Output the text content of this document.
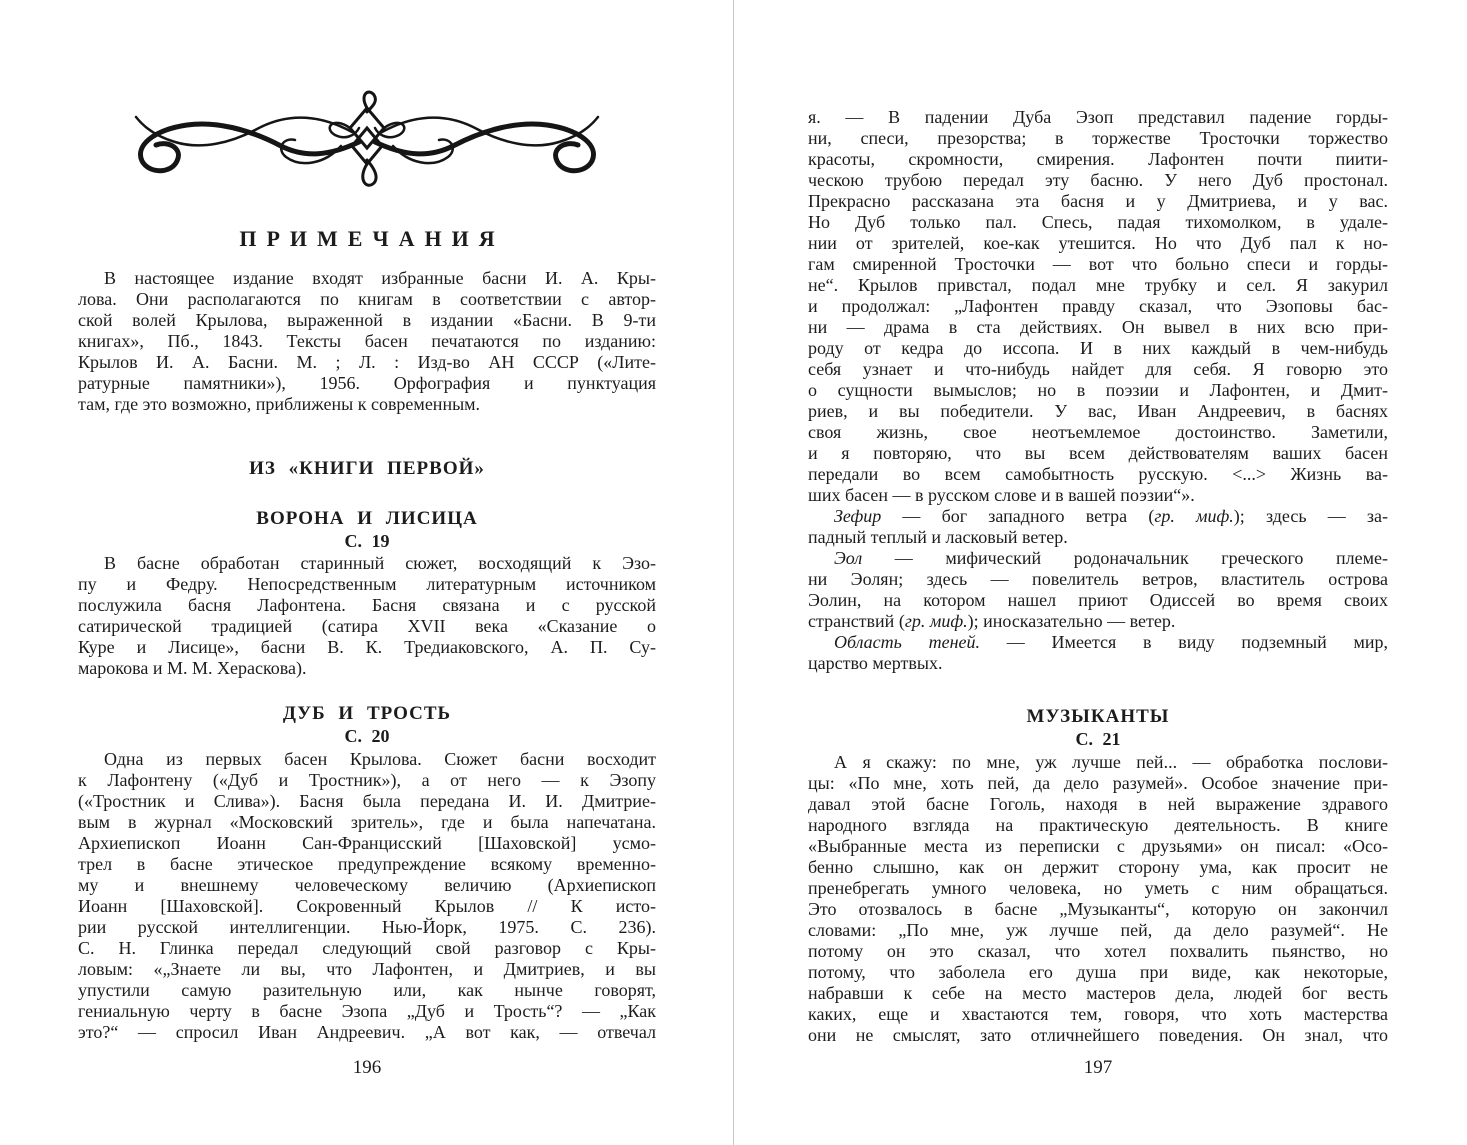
ПРИМЕЧАНИЯ
В настоящее издание входят избранные басни И. А. Кры-
лова. Они располагаются по книгам в соответствии с автор-
ской волей Крылова, выраженной в издании «Басни. В 9-ти
книгах», Пб., 1843. Тексты басен печатаются по изданию:
Крылов И. А. Басни. М. ; Л. : Изд-во АН СССР («Лите-
ратурные памятники»), 1956. Орфография и пунктуация
там, где это возможно, приближены к современным.
ИЗ «КНИГИ ПЕРВОЙ»
ВОРОНА И ЛИСИЦА
С. 19
В басне обработан старинный сюжет, восходящий к Эзо-
пу и Федру. Непосредственным литературным источником
послужила басня Лафонтена. Басня связана и с русской
сатирической традицией (сатира XVII века «Сказание о
Куре и Лисице», басни В. К. Тредиаковского, А. П. Су-
марокова и М. М. Хераскова).
ДУБ И ТРОСТЬ
С. 20
Одна из первых басен Крылова. Сюжет басни восходит
к Лафонтену («Дуб и Тростник»), а от него — к Эзопу
(«Тростник и Слива»). Басня была передана И. И. Дмитрие-
вым в журнал «Московский зритель», где и была напечатана.
Архиепископ Иоанн Сан-Францисский [Шаховской] усмо-
трел в басне этическое предупреждение всякому временно-
му и внешнему человеческому величию (Архиепископ
Иоанн [Шаховской]. Сокровенный Крылов // К исто-
рии русской интеллигенции. Нью-Йорк, 1975. С. 236).
С. Н. Глинка передал следующий свой разговор с Кры-
ловым: «„Знаете ли вы, что Лафонтен, и Дмитриев, и вы
упустили самую разительную или, как нынче говорят,
гениальную черту в басне Эзопа „Дуб и Трость“? — „Как
это?“ — спросил Иван Андреевич. „А вот как, — отвечал
196
я. — В падении Дуба Эзоп представил падение горды-
ни, спеси, презорства; в торжестве Тросточки торжество
красоты, скромности, смирения. Лафонтен почти пиити-
ческою трубою передал эту басню. У него Дуб простонал.
Прекрасно рассказана эта басня и у Дмитриева, и у вас.
Но Дуб только пал. Спесь, падая тихомолком, в удале-
нии от зрителей, кое-как утешится. Но что Дуб пал к но-
гам смиренной Тросточки — вот что больно спеси и горды-
не“. Крылов привстал, подал мне трубку и сел. Я закурил
и продолжал: „Лафонтен правду сказал, что Эзоповы бас-
ни — драма в ста действиях. Он вывел в них всю при-
роду от кедра до иссопа. И в них каждый в чем-нибудь
себя узнает и что-нибудь найдет для себя. Я говорю это
о сущности вымыслов; но в поэзии и Лафонтен, и Дмит-
риев, и вы победители. У вас, Иван Андреевич, в баснях
своя жизнь, свое неотъемлемое достоинство. Заметили,
и я повторяю, что вы всем действователям ваших басен
передали во всем самобытность русскую. <...> Жизнь ва-
ших басен — в русском слове и в вашей поэзии“».
Зефир — бог западного ветра (гр. миф.); здесь — за-
падный теплый и ласковый ветер.
Эол — мифический родоначальник греческого племе-
ни Эолян; здесь — повелитель ветров, властитель острова
Эолин, на котором нашел приют Одиссей во время своих
странствий (гр. миф.); иносказательно — ветер.
Область теней. — Имеется в виду подземный мир,
царство мертвых.
МУЗЫКАНТЫ
С. 21
А я скажу: по мне, уж лучше пей... — обработка послови-
цы: «По мне, хоть пей, да дело разумей». Особое значение при-
давал этой басне Гоголь, находя в ней выражение здравого
народного взгляда на практическую деятельность. В книге
«Выбранные места из переписки с друзьями» он писал: «Осо-
бенно слышно, как он держит сторону ума, как просит не
пренебрегать умного человека, но уметь с ним обращаться.
Это отозвалось в басне „Музыканты“, которую он закончил
словами: „По мне, уж лучше пей, да дело разумей“. Не
потому он это сказал, что хотел похвалить пьянство, но
потому, что заболела его душа при виде, как некоторые,
набравши к себе на место мастеров дела, людей бог весть
каких, еще и хвастаются тем, говоря, что хоть мастерства
они не смыслят, зато отличнейшего поведения. Он знал, что
197
